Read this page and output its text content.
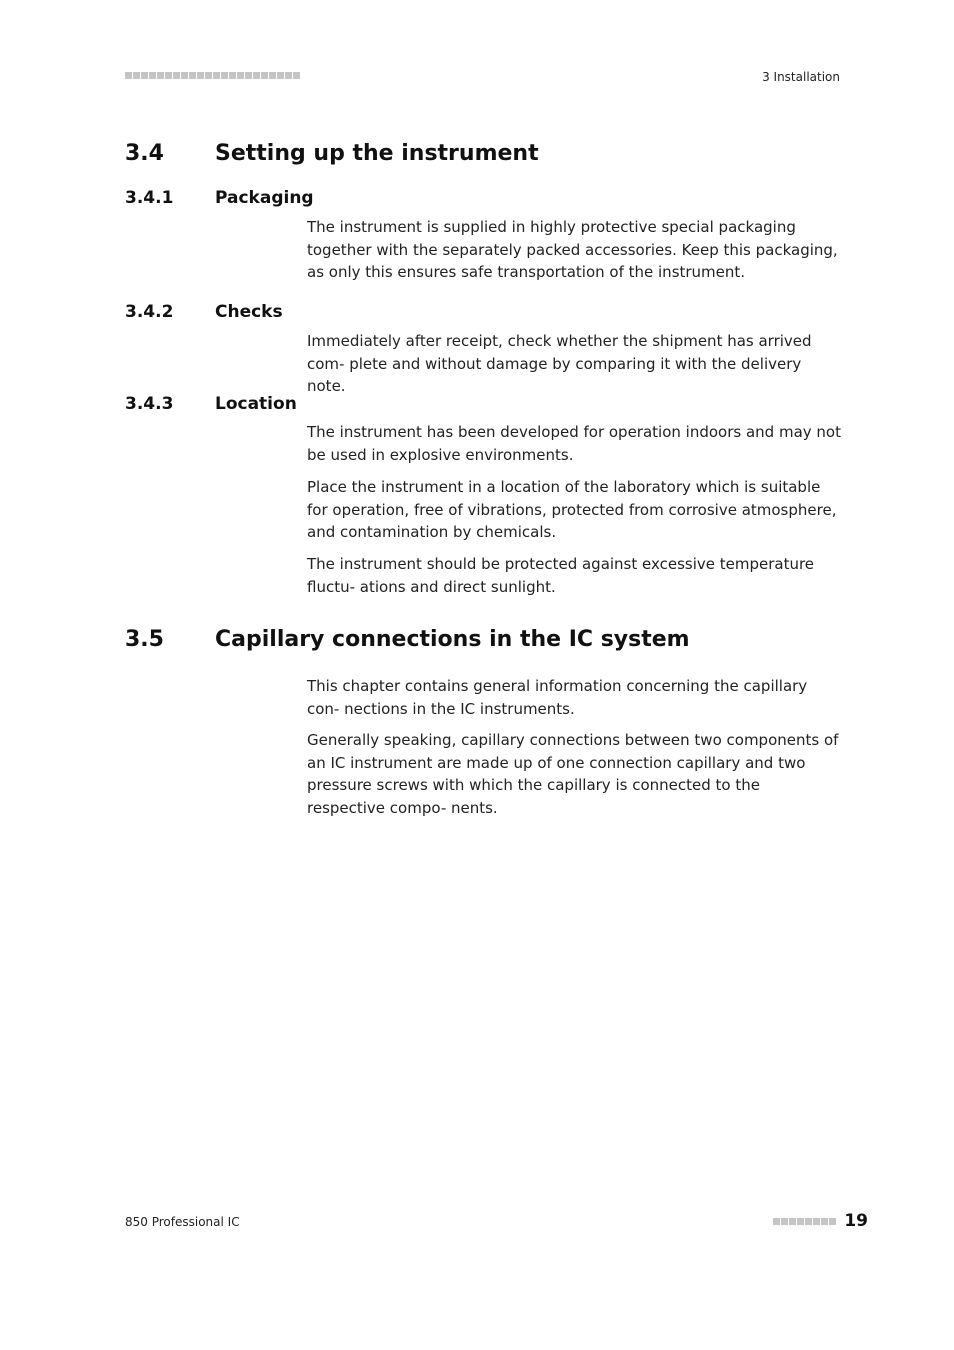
3 Installation
3.4 Setting up the instrument
3.4.1 Packaging

The instrument is supplied in highly protective special packaging together with the separately packed accessories. Keep this packaging, as only this ensures safe transportation of the instrument.

3.4.2 Checks

Immediately after receipt, check whether the shipment has arrived com- plete and without damage by comparing it with the delivery note.

3.4.3 Location

The instrument has been developed for operation indoors and may not be used in explosive environments.

Place the instrument in a location of the laboratory which is suitable for operation, free of vibrations, protected from corrosive atmosphere, and contamination by chemicals.

The instrument should be protected against excessive temperature fluctu- ations and direct sunlight.

3.5 Capillary connections in the IC system

This chapter contains general information concerning the capillary con- nections in the IC instruments.

Generally speaking, capillary connections between two components of an IC instrument are made up of one connection capillary and two pressure screws with which the capillary is connected to the respective compo- nents.

850 Professional IC	19
